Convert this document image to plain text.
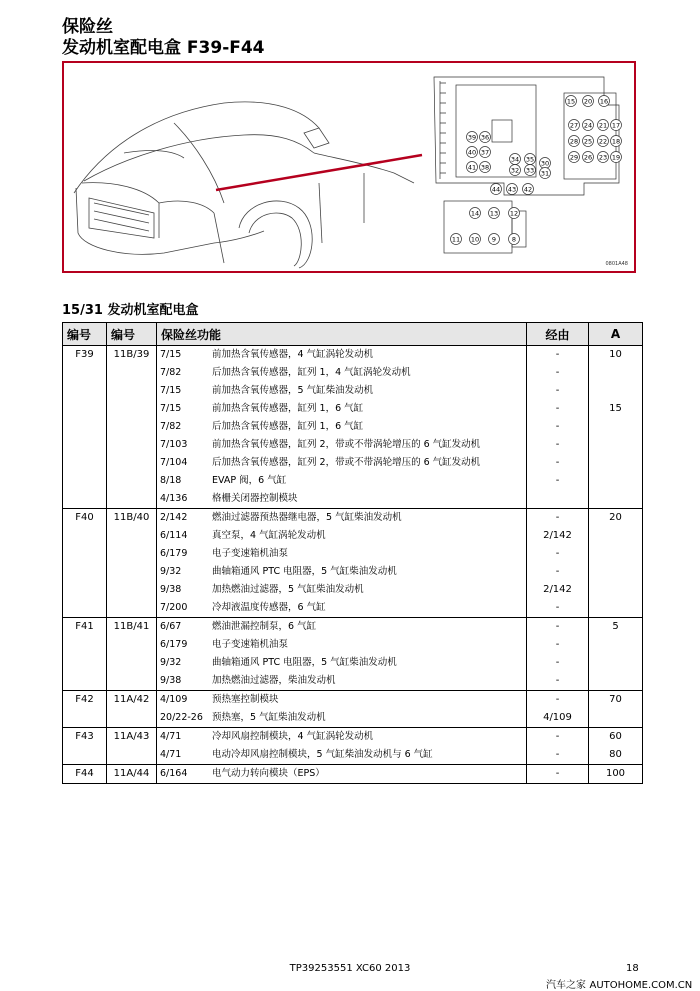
保险丝
发动机室配电盒 F39-F44
39 36
40 37
41 38
34 35
32 33
30
31
15 20 16
27 24 21 17
28 25 22 18
29 26 23 19
44 43 42
14 13 12
11 10 9 8
0801A48
15/31 发动机室配电盒
编号	编号	保险丝功能	经由	A
F39	11B/39	7/15 前加热含氧传感器，4 气缸涡轮发动机	-	10
		7/82 后加热含氧传感器，缸列 1，4 气缸涡轮发动机	-	
		7/15 前加热含氧传感器，5 气缸柴油发动机	-	
		7/15 前加热含氧传感器，缸列 1，6 气缸	-	15
		7/82 后加热含氧传感器，缸列 1，6 气缸	-	
		7/103 前加热含氧传感器，缸列 2，带或不带涡轮增压的 6 气缸发动机	-	
		7/104 后加热含氧传感器，缸列 2，带或不带涡轮增压的 6 气缸发动机	-	
		8/18 EVAP 阀，6 气缸	-	
		4/136 格栅关闭器控制模块		
F40	11B/40	2/142 燃油过滤器预热器继电器，5 气缸柴油发动机	-	20
		6/114 真空泵，4 气缸涡轮发动机	2/142	
		6/179 电子变速箱机油泵	-	
		9/32 曲轴箱通风 PTC 电阻器，5 气缸柴油发动机	-	
		9/38 加热燃油过滤器，5 气缸柴油发动机	2/142	
		7/200 冷却液温度传感器，6 气缸	-	
F41	11B/41	6/67 燃油泄漏控制泵，6 气缸	-	5
		6/179 电子变速箱机油泵	-	
		9/32 曲轴箱通风 PTC 电阻器，5 气缸柴油发动机	-	
		9/38 加热燃油过滤器，柴油发动机	-	
F42	11A/42	4/109 预热塞控制模块	-	70
		20/22-26 预热塞，5 气缸柴油发动机	4/109	
F43	11A/43	4/71 冷却风扇控制模块，4 气缸涡轮发动机	-	60
		4/71 电动冷却风扇控制模块，5 气缸柴油发动机与 6 气缸	-	80
F44	11A/44	6/164 电气动力转向模块（EPS）	-	100
TP39253551 XC60 2013	18
汽车之家 AUTOHOME.COM.CN
